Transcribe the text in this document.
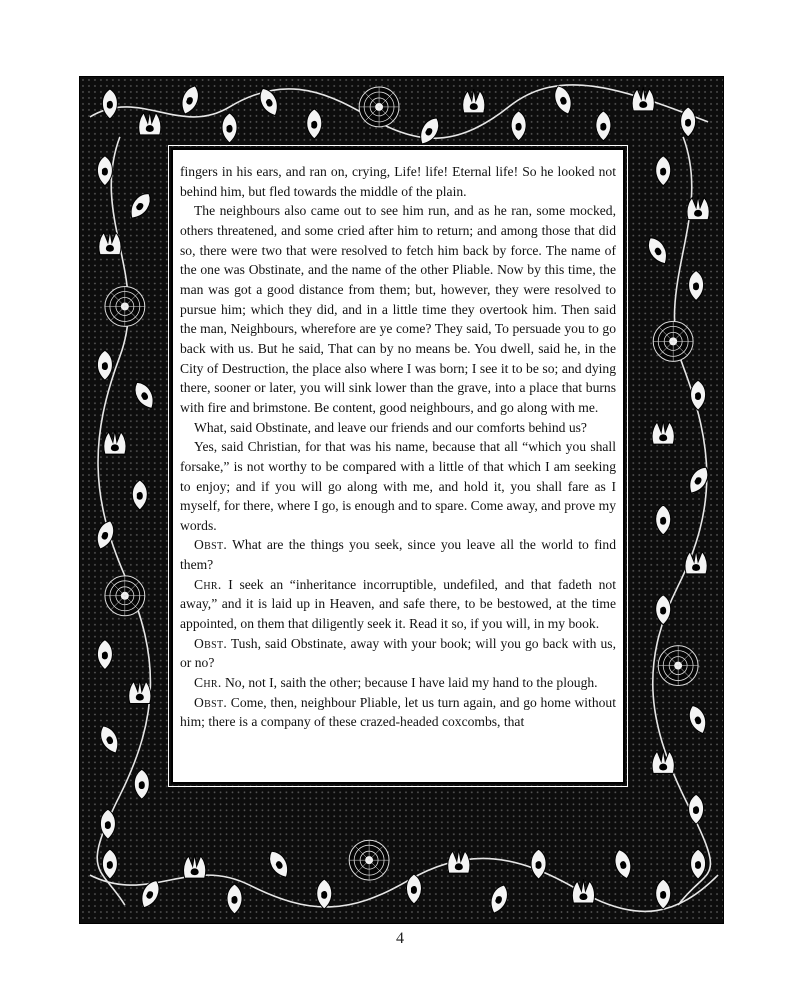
fingers in his ears, and ran on, crying, Life! life! Eternal life! So he looked not behind him, but fled towards the middle of the plain.

The neighbours also came out to see him run, and as he ran, some mocked, others threatened, and some cried after him to return; and among those that did so, there were two that were resolved to fetch him back by force. The name of the one was Obstinate, and the name of the other Pliable. Now by this time, the man was got a good distance from them; but, however, they were resolved to pursue him; which they did, and in a little time they overtook him. Then said the man, Neighbours, wherefore are ye come? They said, To persuade you to go back with us. But he said, That can by no means be. You dwell, said he, in the City of Destruction, the place also where I was born; I see it to be so; and dying there, sooner or later, you will sink lower than the grave, into a place that burns with fire and brimstone. Be content, good neighbours, and go along with me.

What, said Obstinate, and leave our friends and our comforts behind us?

Yes, said Christian, for that was his name, because that all “which you shall forsake,” is not worthy to be compared with a little of that which I am seeking to enjoy; and if you will go along with me, and hold it, you shall fare as I myself, for there, where I go, is enough and to spare. Come away, and prove my words.

Obst. What are the things you seek, since you leave all the world to find them?

Chr. I seek an “inheritance incorruptible, undefiled, and that fadeth not away,” and it is laid up in Heaven, and safe there, to be bestowed, at the time appointed, on them that diligently seek it. Read it so, if you will, in my book.

Obst. Tush, said Obstinate, away with your book; will you go back with us, or no?

Chr. No, not I, saith the other; because I have laid my hand to the plough.

Obst. Come, then, neighbour Pliable, let us turn again, and go home without him; there is a company of these crazed-headed coxcombs, that

4
